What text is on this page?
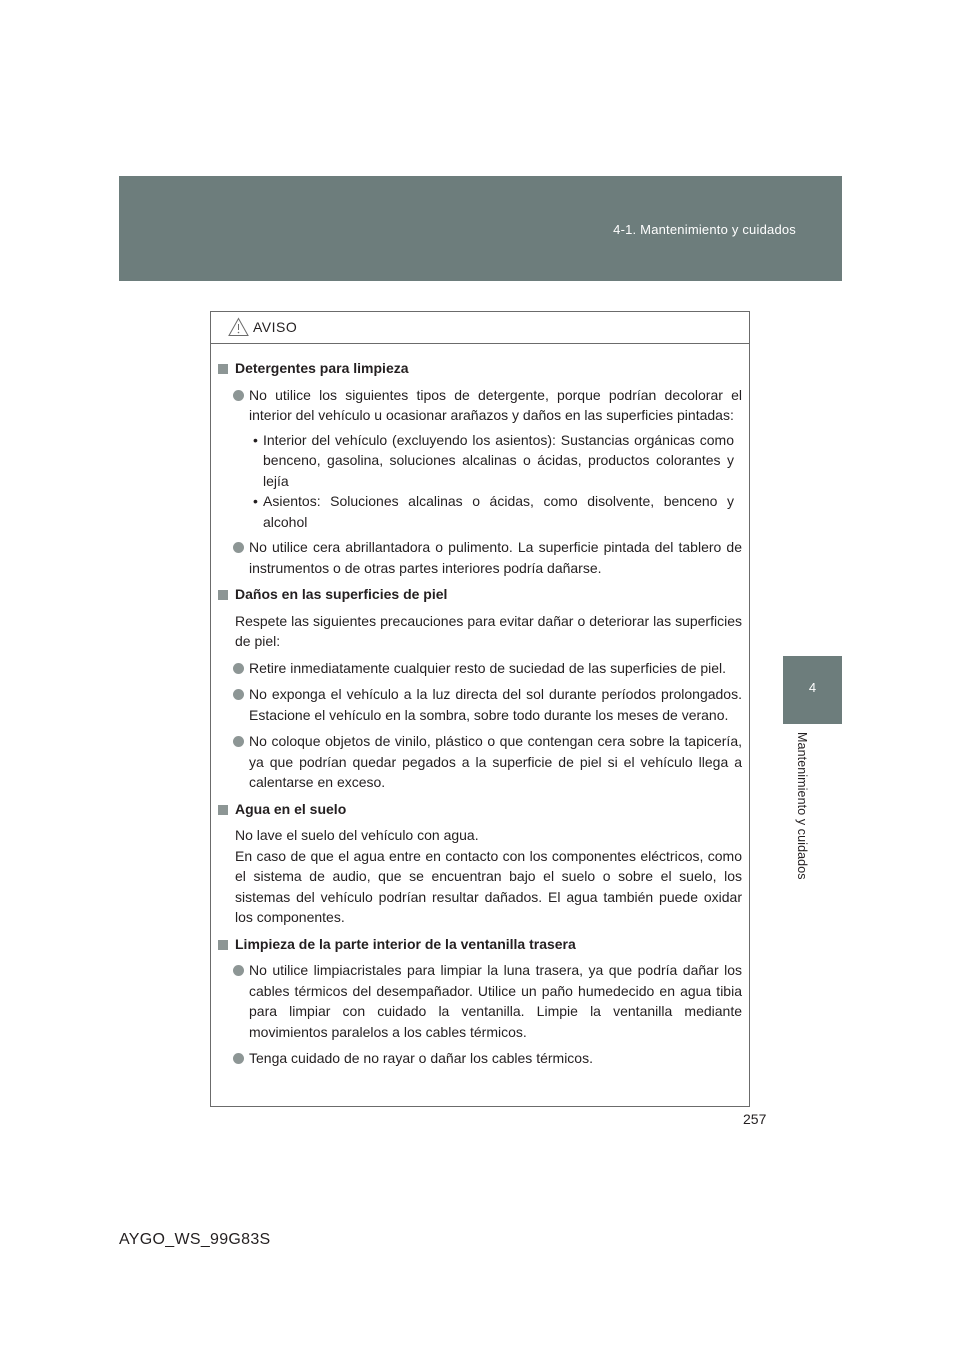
4-1. Mantenimiento y cuidados
4
Mantenimiento y cuidados
AVISO
Detergentes para limpieza
No utilice los siguientes tipos de detergente, porque podrían decolorar el interior del vehículo u ocasionar arañazos y daños en las superficies pintadas:
• Interior del vehículo (excluyendo los asientos): Sustancias orgánicas como benceno, gasolina, soluciones alcalinas o ácidas, productos colorantes y lejía
• Asientos: Soluciones alcalinas o ácidas, como disolvente, benceno y alcohol
No utilice cera abrillantadora o pulimento. La superficie pintada del tablero de instrumentos o de otras partes interiores podría dañarse.
Daños en las superficies de piel
Respete las siguientes precauciones para evitar dañar o deteriorar las superficies de piel:
Retire inmediatamente cualquier resto de suciedad de las superficies de piel.
No exponga el vehículo a la luz directa del sol durante períodos prolongados. Estacione el vehículo en la sombra, sobre todo durante los meses de verano.
No coloque objetos de vinilo, plástico o que contengan cera sobre la tapicería, ya que podrían quedar pegados a la superficie de piel si el vehículo llega a calentarse en exceso.
Agua en el suelo
No lave el suelo del vehículo con agua.
En caso de que el agua entre en contacto con los componentes eléctricos, como el sistema de audio, que se encuentran bajo el suelo o sobre el suelo, los sistemas del vehículo podrían resultar dañados. El agua también puede oxidar los componentes.
Limpieza de la parte interior de la ventanilla trasera
No utilice limpiacristales para limpiar la luna trasera, ya que podría dañar los cables térmicos del desempañador. Utilice un paño humedecido en agua tibia para limpiar con cuidado la ventanilla. Limpie la ventanilla mediante movimientos paralelos a los cables térmicos.
Tenga cuidado de no rayar o dañar los cables térmicos.
257
AYGO_WS_99G83S
